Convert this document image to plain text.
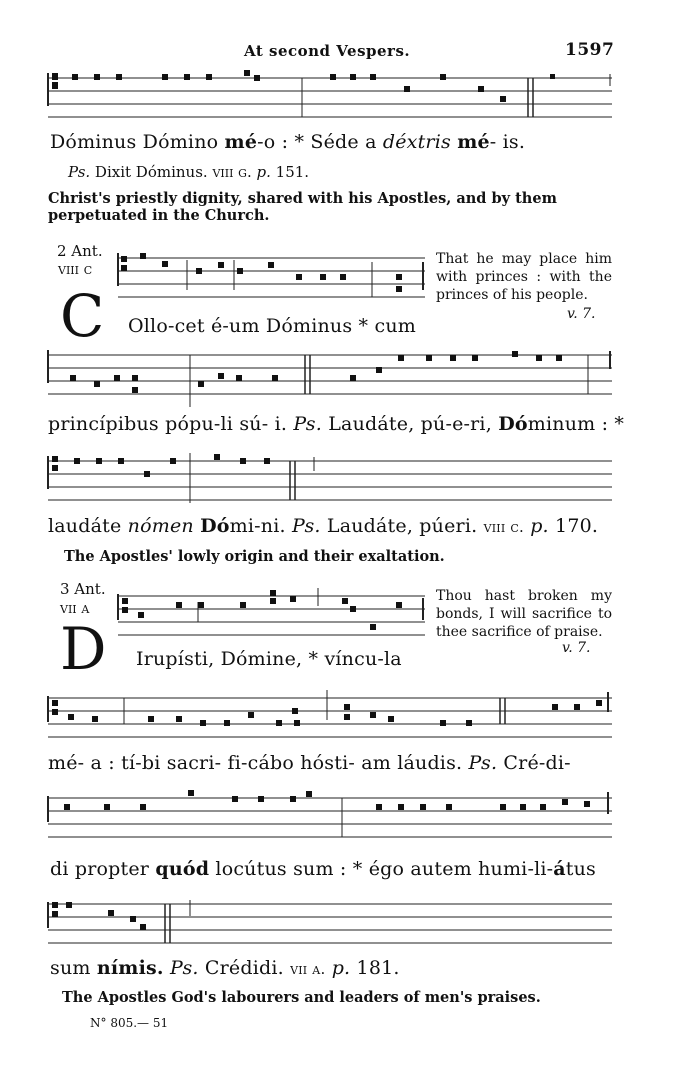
At second Vespers.	1597
Dóminus Dómino mé-o : * Séde a déxtris mé- is.
Ps. Dixit Dóminus. viii g. p. 151.
Christ's priestly dignity, shared with his Apostles, and by them perpetuated in the Church.
2 Ant.
viii c
C Ollo-cet é-um Dóminus * cum
That he may place him with princes : with the princes of his people.
v. 7.
princípibus pópu-li sú- i. Ps. Laudáte, pú-e-ri, Dóminum : *
laudáte nómen Dómi-ni. Ps. Laudáte, púeri. viii c. p. 170.
The Apostles' lowly origin and their exaltation.
3 Ant.
vii a
D Irupísti, Dómine, * víncu-la
Thou hast broken my bonds, I will sacrifice to thee sacrifice of praise.
v. 7.
mé- a : tí-bi sacri- fi-cábo hósti- am láudis. Ps. Cré-di-
di propter quód locútus sum : * égo autem humi-li-átus
sum nímis. Ps. Crédidi. vii a. p. 181.
The Apostles God's labourers and leaders of men's praises.
N° 805.— 51
